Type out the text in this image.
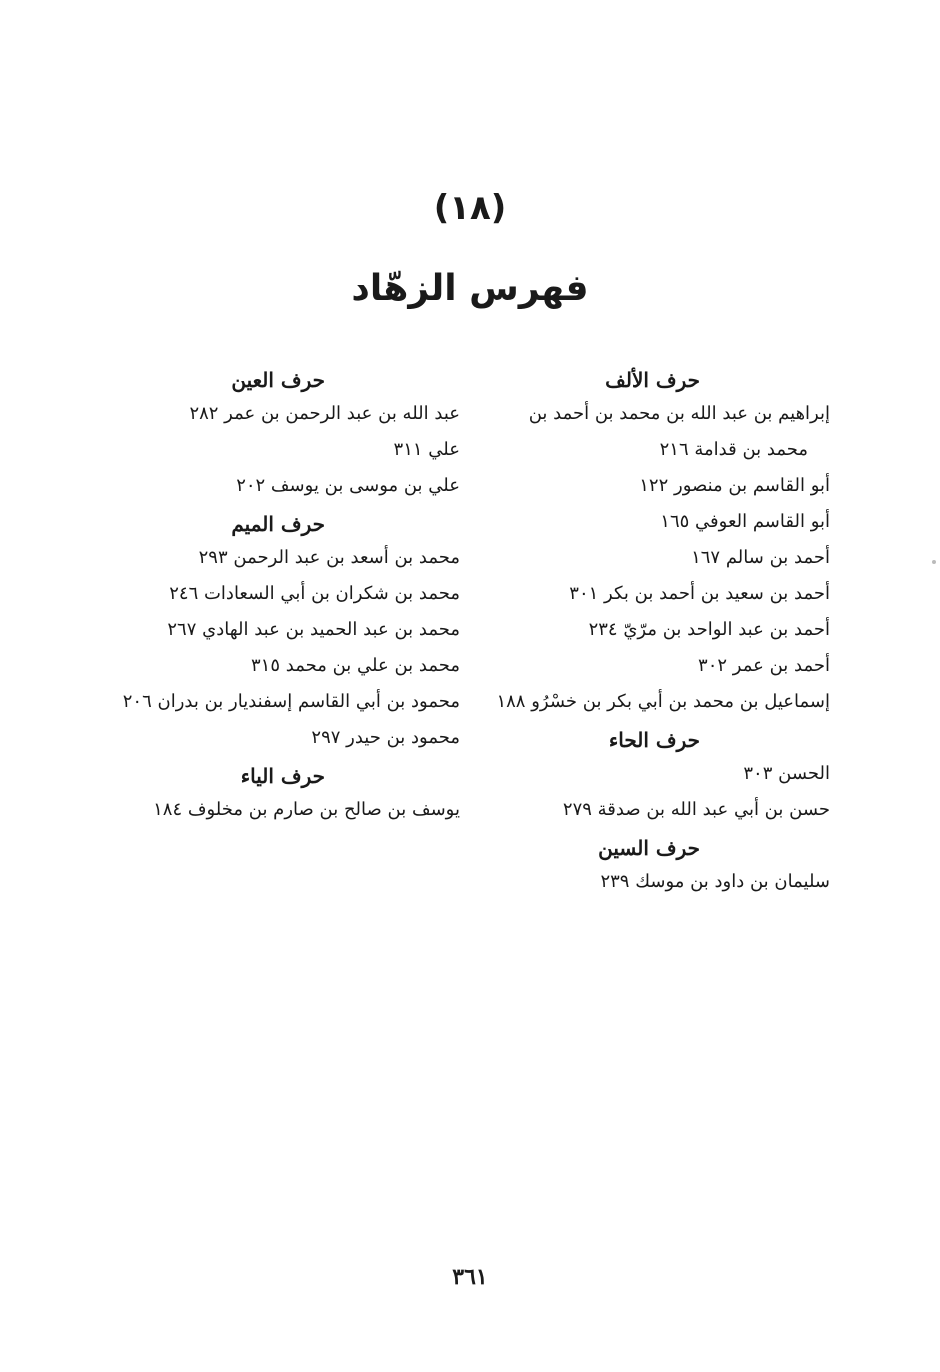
(١٨)
فهرس الزهّاد
حرف الألف
إبراهيم بن عبد الله بن محمد بن أحمد بن
محمد بن قدامة ٢١٦
أبو القاسم بن منصور ١٢٢
أبو القاسم العوفي ١٦٥
أحمد بن سالم ١٦٧
أحمد بن سعيد بن أحمد بن بكر ٣٠١
أحمد بن عبد الواحد بن مرّيّ ٢٣٤
أحمد بن عمر ٣٠٢
إسماعيل بن محمد بن أبي بكر بن خسْرُو ١٨٨
حرف الحاء
الحسن ٣٠٣
حسن بن أبي عبد الله بن صدقة ٢٧٩
حرف السين
سليمان بن داود بن موسك ٢٣٩
حرف العين
عبد الله بن عبد الرحمن بن عمر ٢٨٢
علي ٣١١
علي بن موسى بن يوسف ٢٠٢
حرف الميم
محمد بن أسعد بن عبد الرحمن ٢٩٣
محمد بن شكران بن أبي السعادات ٢٤٦
محمد بن عبد الحميد بن عبد الهادي ٢٦٧
محمد بن علي بن محمد ٣١٥
محمود بن أبي القاسم إسفنديار بن بدران ٢٠٦
محمود بن حيدر ٢٩٧
حرف الياء
يوسف بن صالح بن صارم بن مخلوف ١٨٤
٣٦١
